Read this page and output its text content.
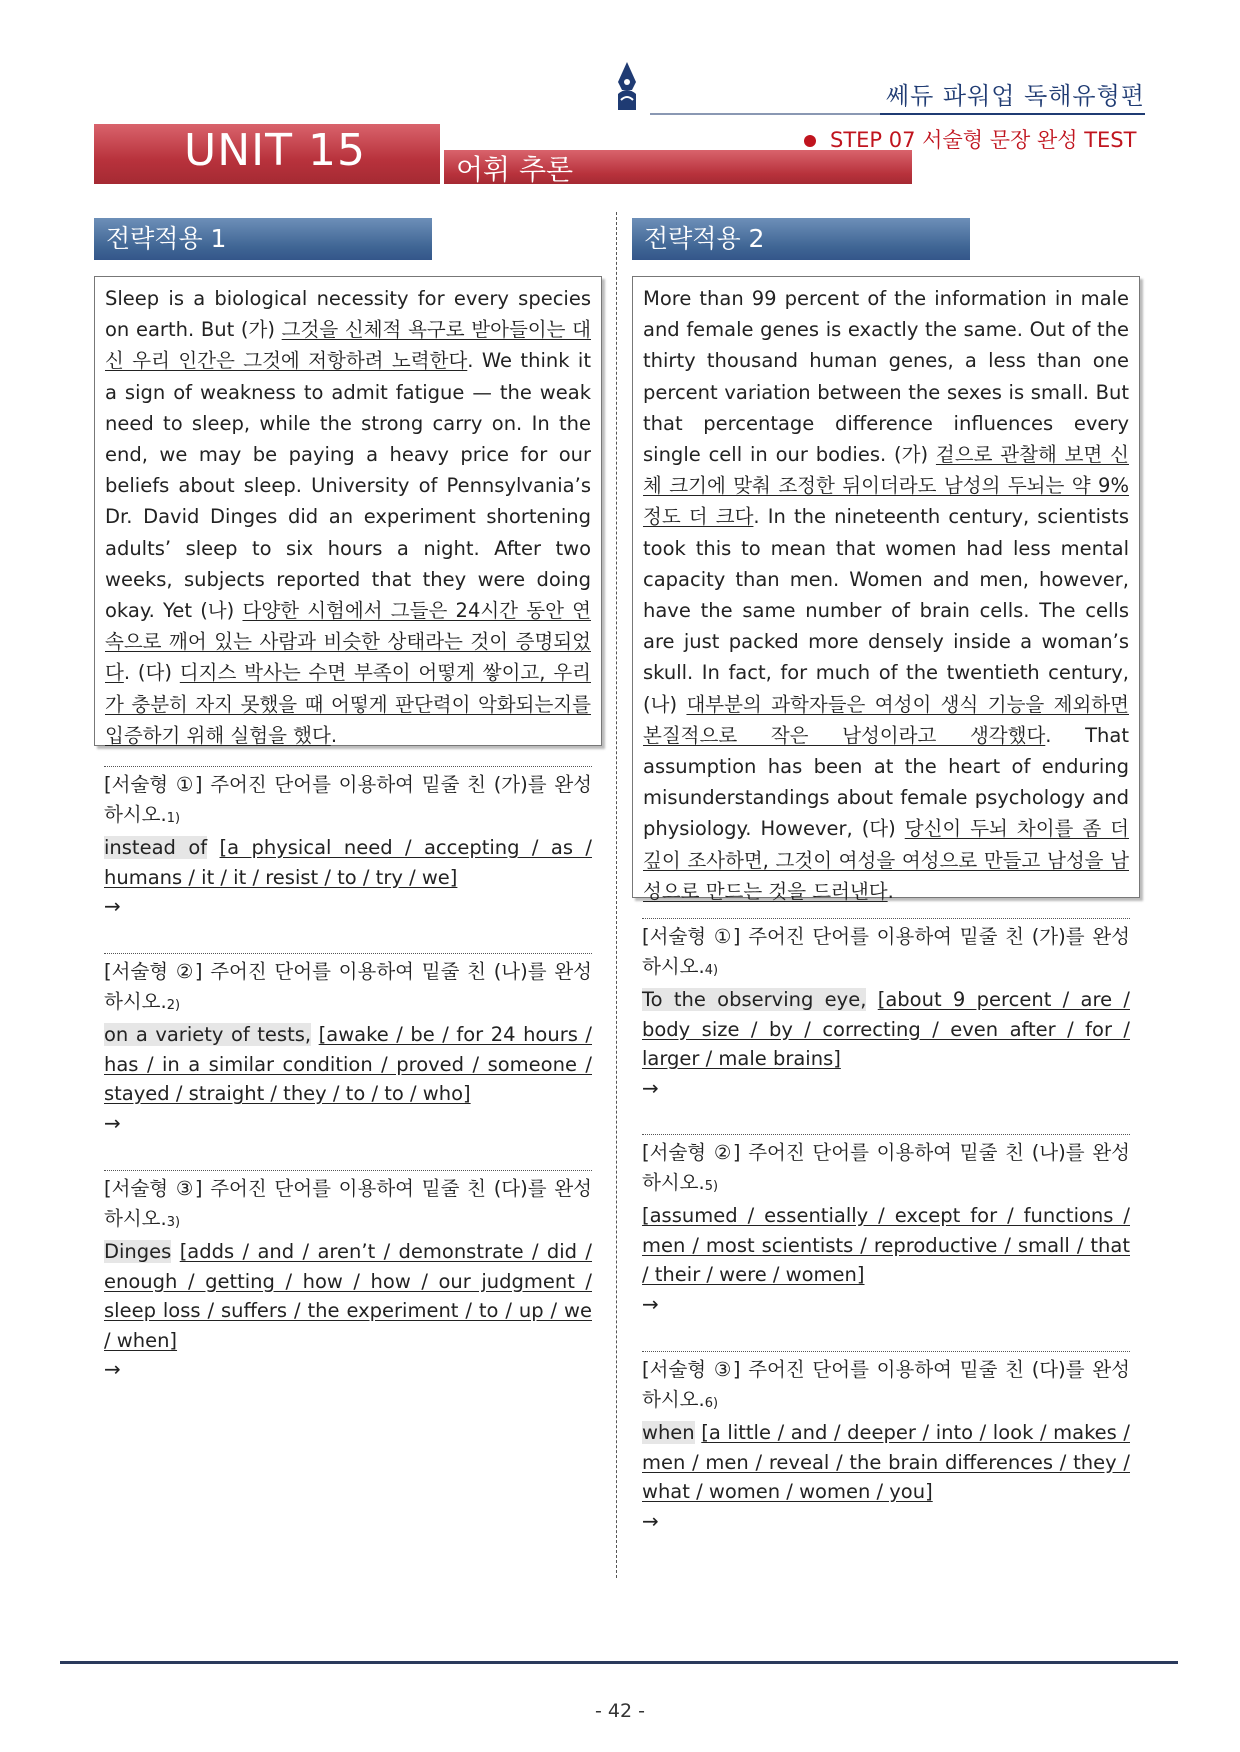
쎄듀 파워업 독해유형편
UNIT 15	어휘 추론
STEP 07 서술형 문장 완성 TEST
전략적용 1
Sleep is a biological necessity for every species on earth. But (가) 그것을 신체적 욕구로 받아들이는 대신 우리 인간은 그것에 저항하려 노력한다. We think it a sign of weakness to admit fatigue — the weak need to sleep, while the strong carry on. In the end, we may be paying a heavy price for our beliefs about sleep. University of Pennsylvania’s Dr. David Dinges did an experiment shortening adults’ sleep to six hours a night. After two weeks, subjects reported that they were doing okay. Yet (나) 다양한 시험에서 그들은 24시간 동안 연속으로 깨어 있는 사람과 비슷한 상태라는 것이 증명되었다. (다) 디지스 박사는 수면 부족이 어떻게 쌓이고, 우리가 충분히 자지 못했을 때 어떻게 판단력이 악화되는지를 입증하기 위해 실험을 했다.
[서술형 ①] 주어진 단어를 이용하여 밑줄 친 (가)를 완성하시오.1)
instead of [a physical need / accepting / as / humans / it / it / resist / to / try / we]
→
[서술형 ②] 주어진 단어를 이용하여 밑줄 친 (나)를 완성하시오.2)
on a variety of tests, [awake / be / for 24 hours / has / in a similar condition / proved / someone / stayed / straight / they / to / to / who]
→
[서술형 ③] 주어진 단어를 이용하여 밑줄 친 (다)를 완성하시오.3)
Dinges [adds / and / aren’t / demonstrate / did / enough / getting / how / how / our judgment / sleep loss / suffers / the experiment / to / up / we / when]
→
전략적용 2
More than 99 percent of the information in male and female genes is exactly the same. Out of the thirty thousand human genes, a less than one percent variation between the sexes is small. But that percentage difference influences every single cell in our bodies. (가) 겉으로 관찰해 보면 신체 크기에 맞춰 조정한 뒤이더라도 남성의 두뇌는 약 9% 정도 더 크다. In the nineteenth century, scientists took this to mean that women had less mental capacity than men. Women and men, however, have the same number of brain cells. The cells are just packed more densely inside a woman’s skull. In fact, for much of the twentieth century, (나) 대부분의 과학자들은 여성이 생식 기능을 제외하면 본질적으로 작은 남성이라고 생각했다. That assumption has been at the heart of enduring misunderstandings about female psychology and physiology. However, (다) 당신이 두뇌 차이를 좀 더 깊이 조사하면, 그것이 여성을 여성으로 만들고 남성을 남성으로 만드는 것을 드러낸다.
[서술형 ①] 주어진 단어를 이용하여 밑줄 친 (가)를 완성하시오.4)
To the observing eye, [about 9 percent / are / body size / by / correcting / even after / for / larger / male brains]
→
[서술형 ②] 주어진 단어를 이용하여 밑줄 친 (나)를 완성하시오.5)
[assumed / essentially / except for / functions / men / most scientists / reproductive / small / that / their / were / women]
→
[서술형 ③] 주어진 단어를 이용하여 밑줄 친 (다)를 완성하시오.6)
when [a little / and / deeper / into / look / makes / men / men / reveal / the brain differences / they / what / women / women / you]
→
- 42 -
